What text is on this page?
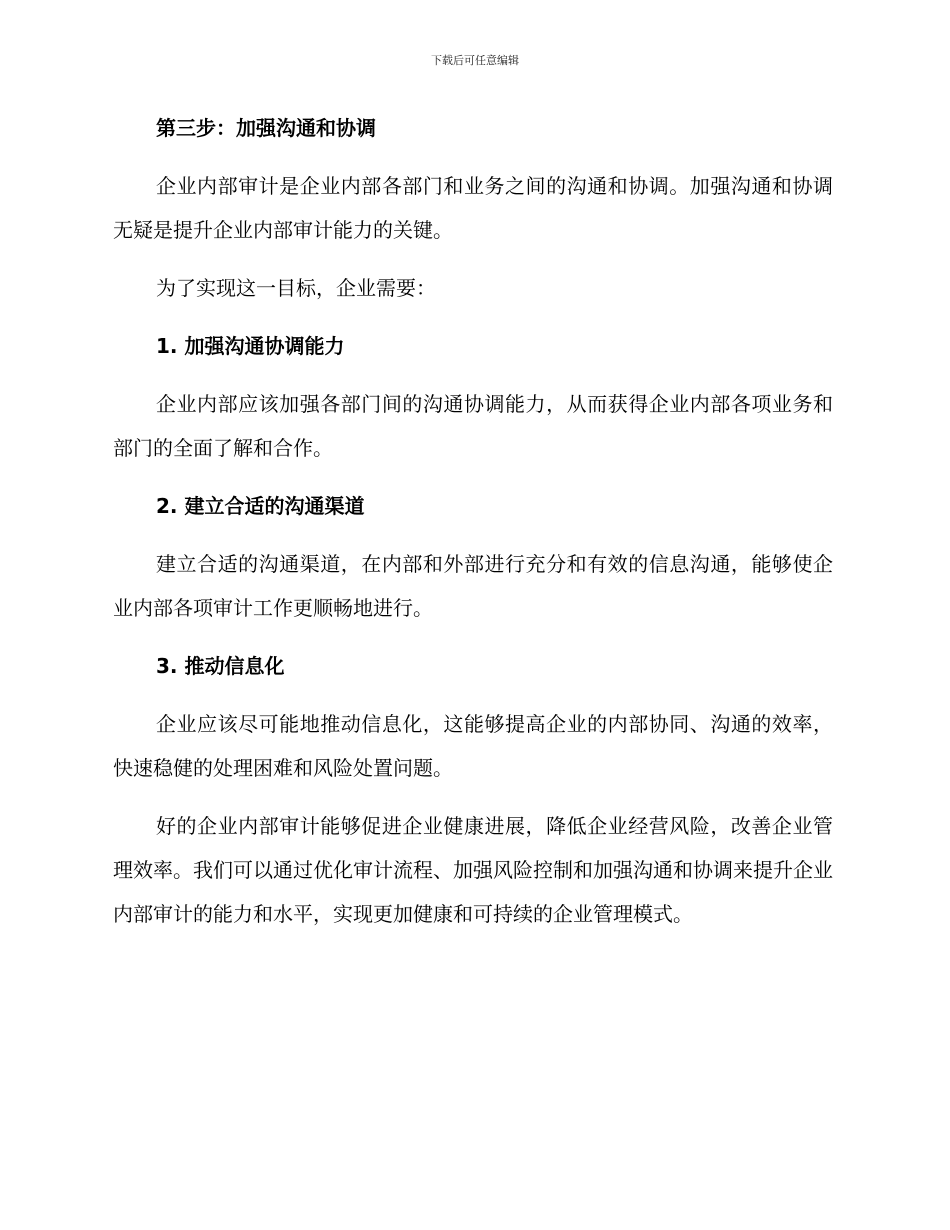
下载后可任意编辑
第三步：加强沟通和协调

企业内部审计是企业内部各部门和业务之间的沟通和协调。加强沟通和协调无疑是提升企业内部审计能力的关键。

为了实现这一目标，企业需要：

1. 加强沟通协调能力

企业内部应该加强各部门间的沟通协调能力，从而获得企业内部各项业务和部门的全面了解和合作。

2. 建立合适的沟通渠道

建立合适的沟通渠道，在内部和外部进行充分和有效的信息沟通，能够使企业内部各项审计工作更顺畅地进行。

3. 推动信息化

企业应该尽可能地推动信息化，这能够提高企业的内部协同、沟通的效率，快速稳健的处理困难和风险处置问题。

好的企业内部审计能够促进企业健康进展，降低企业经营风险，改善企业管理效率。我们可以通过优化审计流程、加强风险控制和加强沟通和协调来提升企业内部审计的能力和水平，实现更加健康和可持续的企业管理模式。
